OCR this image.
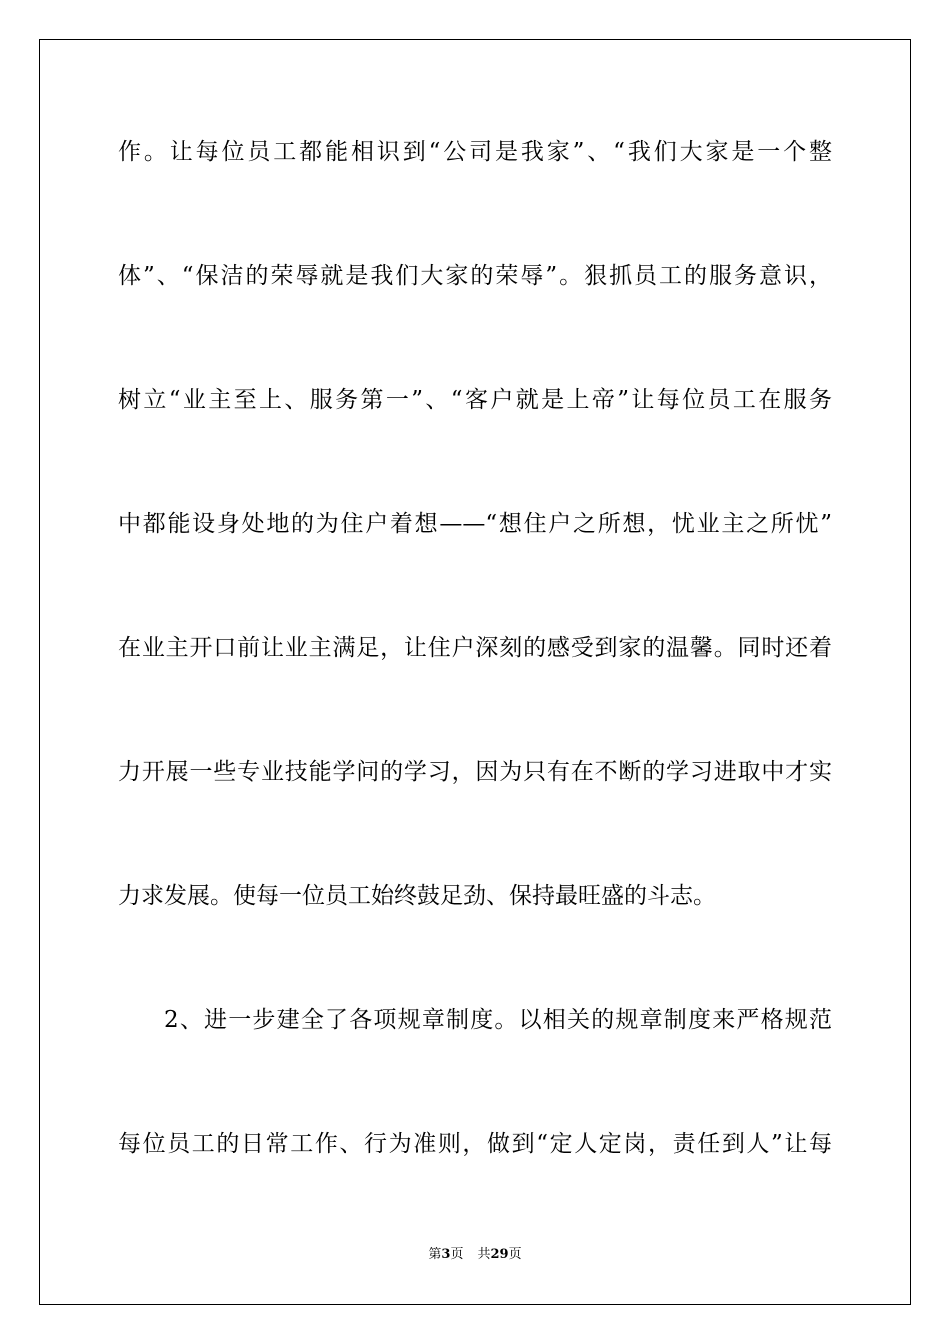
作。让每位员工都能相识到“公司是我家”、“我们大家是一个整
体”、“保洁的荣辱就是我们大家的荣辱”。狠抓员工的服务意识，
树立“业主至上、服务第一”、“客户就是上帝”让每位员工在服务
中都能设身处地的为住户着想——“想住户之所想，忧业主之所忧”
在业主开口前让业主满足，让住户深刻的感受到家的温馨。同时还着
力开展一些专业技能学问的学习，因为只有在不断的学习进取中才实
力求发展。使每一位员工始终鼓足劲、保持最旺盛的斗志。
2、进一步建全了各项规章制度。以相关的规章制度来严格规范
每位员工的日常工作、行为准则，做到“定人定岗，责任到人”让每
第3页 共29页
